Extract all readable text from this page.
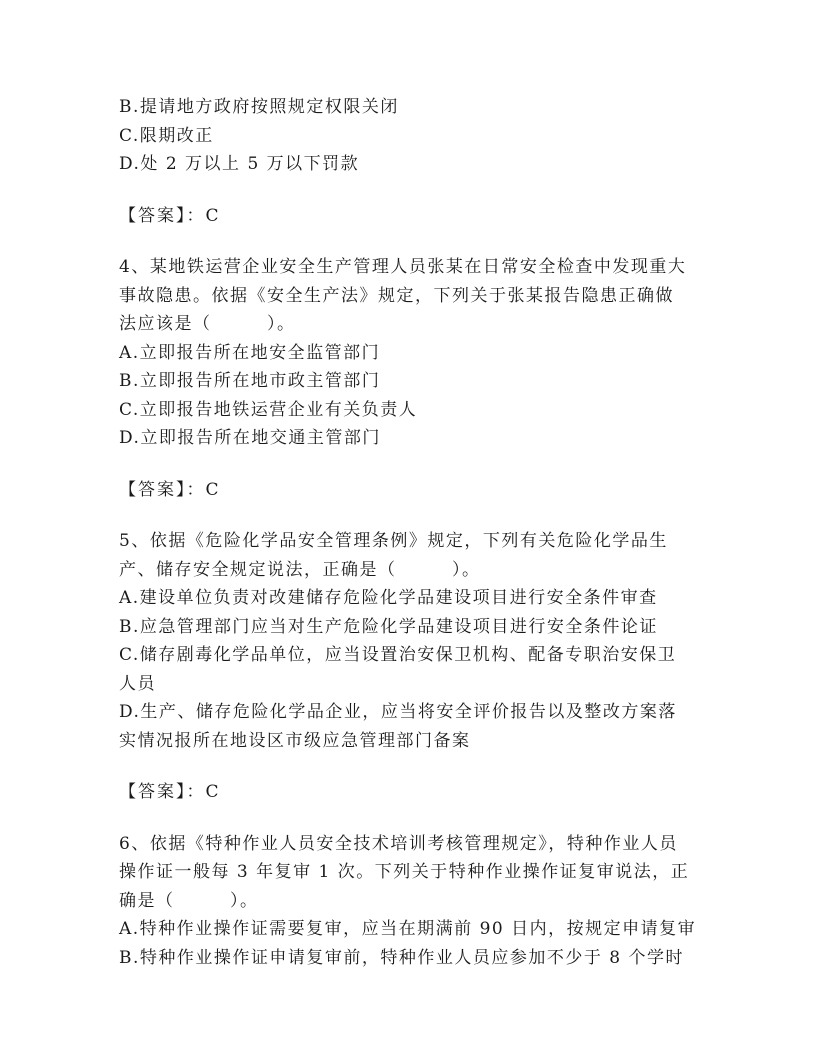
B.提请地方政府按照规定权限关闭
C.限期改正
D.处 2 万以上 5 万以下罚款
【答案】：C
4、某地铁运营企业安全生产管理人员张某在日常安全检查中发现重大
事故隐患。依据《安全生产法》规定，下列关于张某报告隐患正确做
法应该是（　　　）。
A.立即报告所在地安全监管部门
B.立即报告所在地市政主管部门
C.立即报告地铁运营企业有关负责人
D.立即报告所在地交通主管部门
【答案】：C
5、依据《危险化学品安全管理条例》规定，下列有关危险化学品生
产、储存安全规定说法，正确是（　　　）。
A.建设单位负责对改建储存危险化学品建设项目进行安全条件审查
B.应急管理部门应当对生产危险化学品建设项目进行安全条件论证
C.储存剧毒化学品单位，应当设置治安保卫机构、配备专职治安保卫
人员
D.生产、储存危险化学品企业，应当将安全评价报告以及整改方案落
实情况报所在地设区市级应急管理部门备案
【答案】：C
6、依据《特种作业人员安全技术培训考核管理规定》，特种作业人员
操作证一般每 3 年复审 1 次。下列关于特种作业操作证复审说法，正
确是（　　　）。
A.特种作业操作证需要复审，应当在期满前 90 日内，按规定申请复审
B.特种作业操作证申请复审前，特种作业人员应参加不少于 8 个学时
